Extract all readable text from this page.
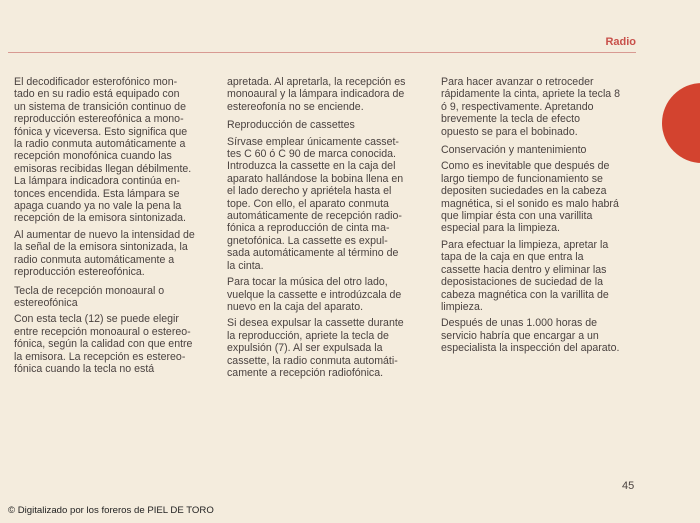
Radio

El decodificador esterofónico mon-
tado en su radio está equipado con
un sistema de transición continuo de
reproducción estereofónica a mono-
fónica y viceversa. Esto significa que
la radio conmuta automáticamente a
recepción monofónica cuando las
emisoras recibidas llegan débilmente.
La lámpara indicadora continúa en-
tonces encendida. Esta lámpara se
apaga cuando ya no vale la pena la
recepción de la emisora sintonizada.

Al aumentar de nuevo la intensidad de
la señal de la emisora sintonizada, la
radio conmuta automáticamente a
reproducción estereofónica.

Tecla de recepción monoaural o
estereofónica

Con esta tecla (12) se puede elegir
entre recepción monoaural o estereo-
fónica, según la calidad con que entre
la emisora. La recepción es estereo-
fónica cuando la tecla no está

apretada. Al apretarla, la recepción es
monoaural y la lámpara indicadora de
estereofonía no se enciende.

Reproducción de cassettes

Sírvase emplear únicamente casset-
tes C 60 ó C 90 de marca conocida.
Introduzca la cassette en la caja del
aparato hallándose la bobina llena en
el lado derecho y apriétela hasta el
tope. Con ello, el aparato conmuta
automáticamente de recepción radio-
fónica a reproducción de cinta ma-
gnetofónica. La cassette es expul-
sada automáticamente al término de
la cinta.

Para tocar la música del otro lado,
vuelque la cassette e introdúzcala de
nuevo en la caja del aparato.

Si desea expulsar la cassette durante
la reproducción, apriete la tecla de
expulsión (7). Al ser expulsada la
cassette, la radio conmuta automáti-
camente a recepción radiofónica.

Para hacer avanzar o retroceder
rápidamente la cinta, apriete la tecla 8
ó 9, respectivamente. Apretando
brevemente la tecla de efecto
opuesto se para el bobinado.

Conservación y mantenimiento

Como es inevitable que después de
largo tiempo de funcionamiento se
depositen suciedades en la cabeza
magnética, si el sonido es malo habrá
que limpiar ésta con una varillita
especial para la limpieza.

Para efectuar la limpieza, apretar la
tapa de la caja en que entra la
cassette hacia dentro y eliminar las
deposistaciones de suciedad de la
cabeza magnética con la varillita de
limpieza.

Después de unas 1.000 horas de
servicio habría que encargar a un
especialista la inspección del aparato.

45
© Digitalizado por los foreros de PIEL DE TORO
